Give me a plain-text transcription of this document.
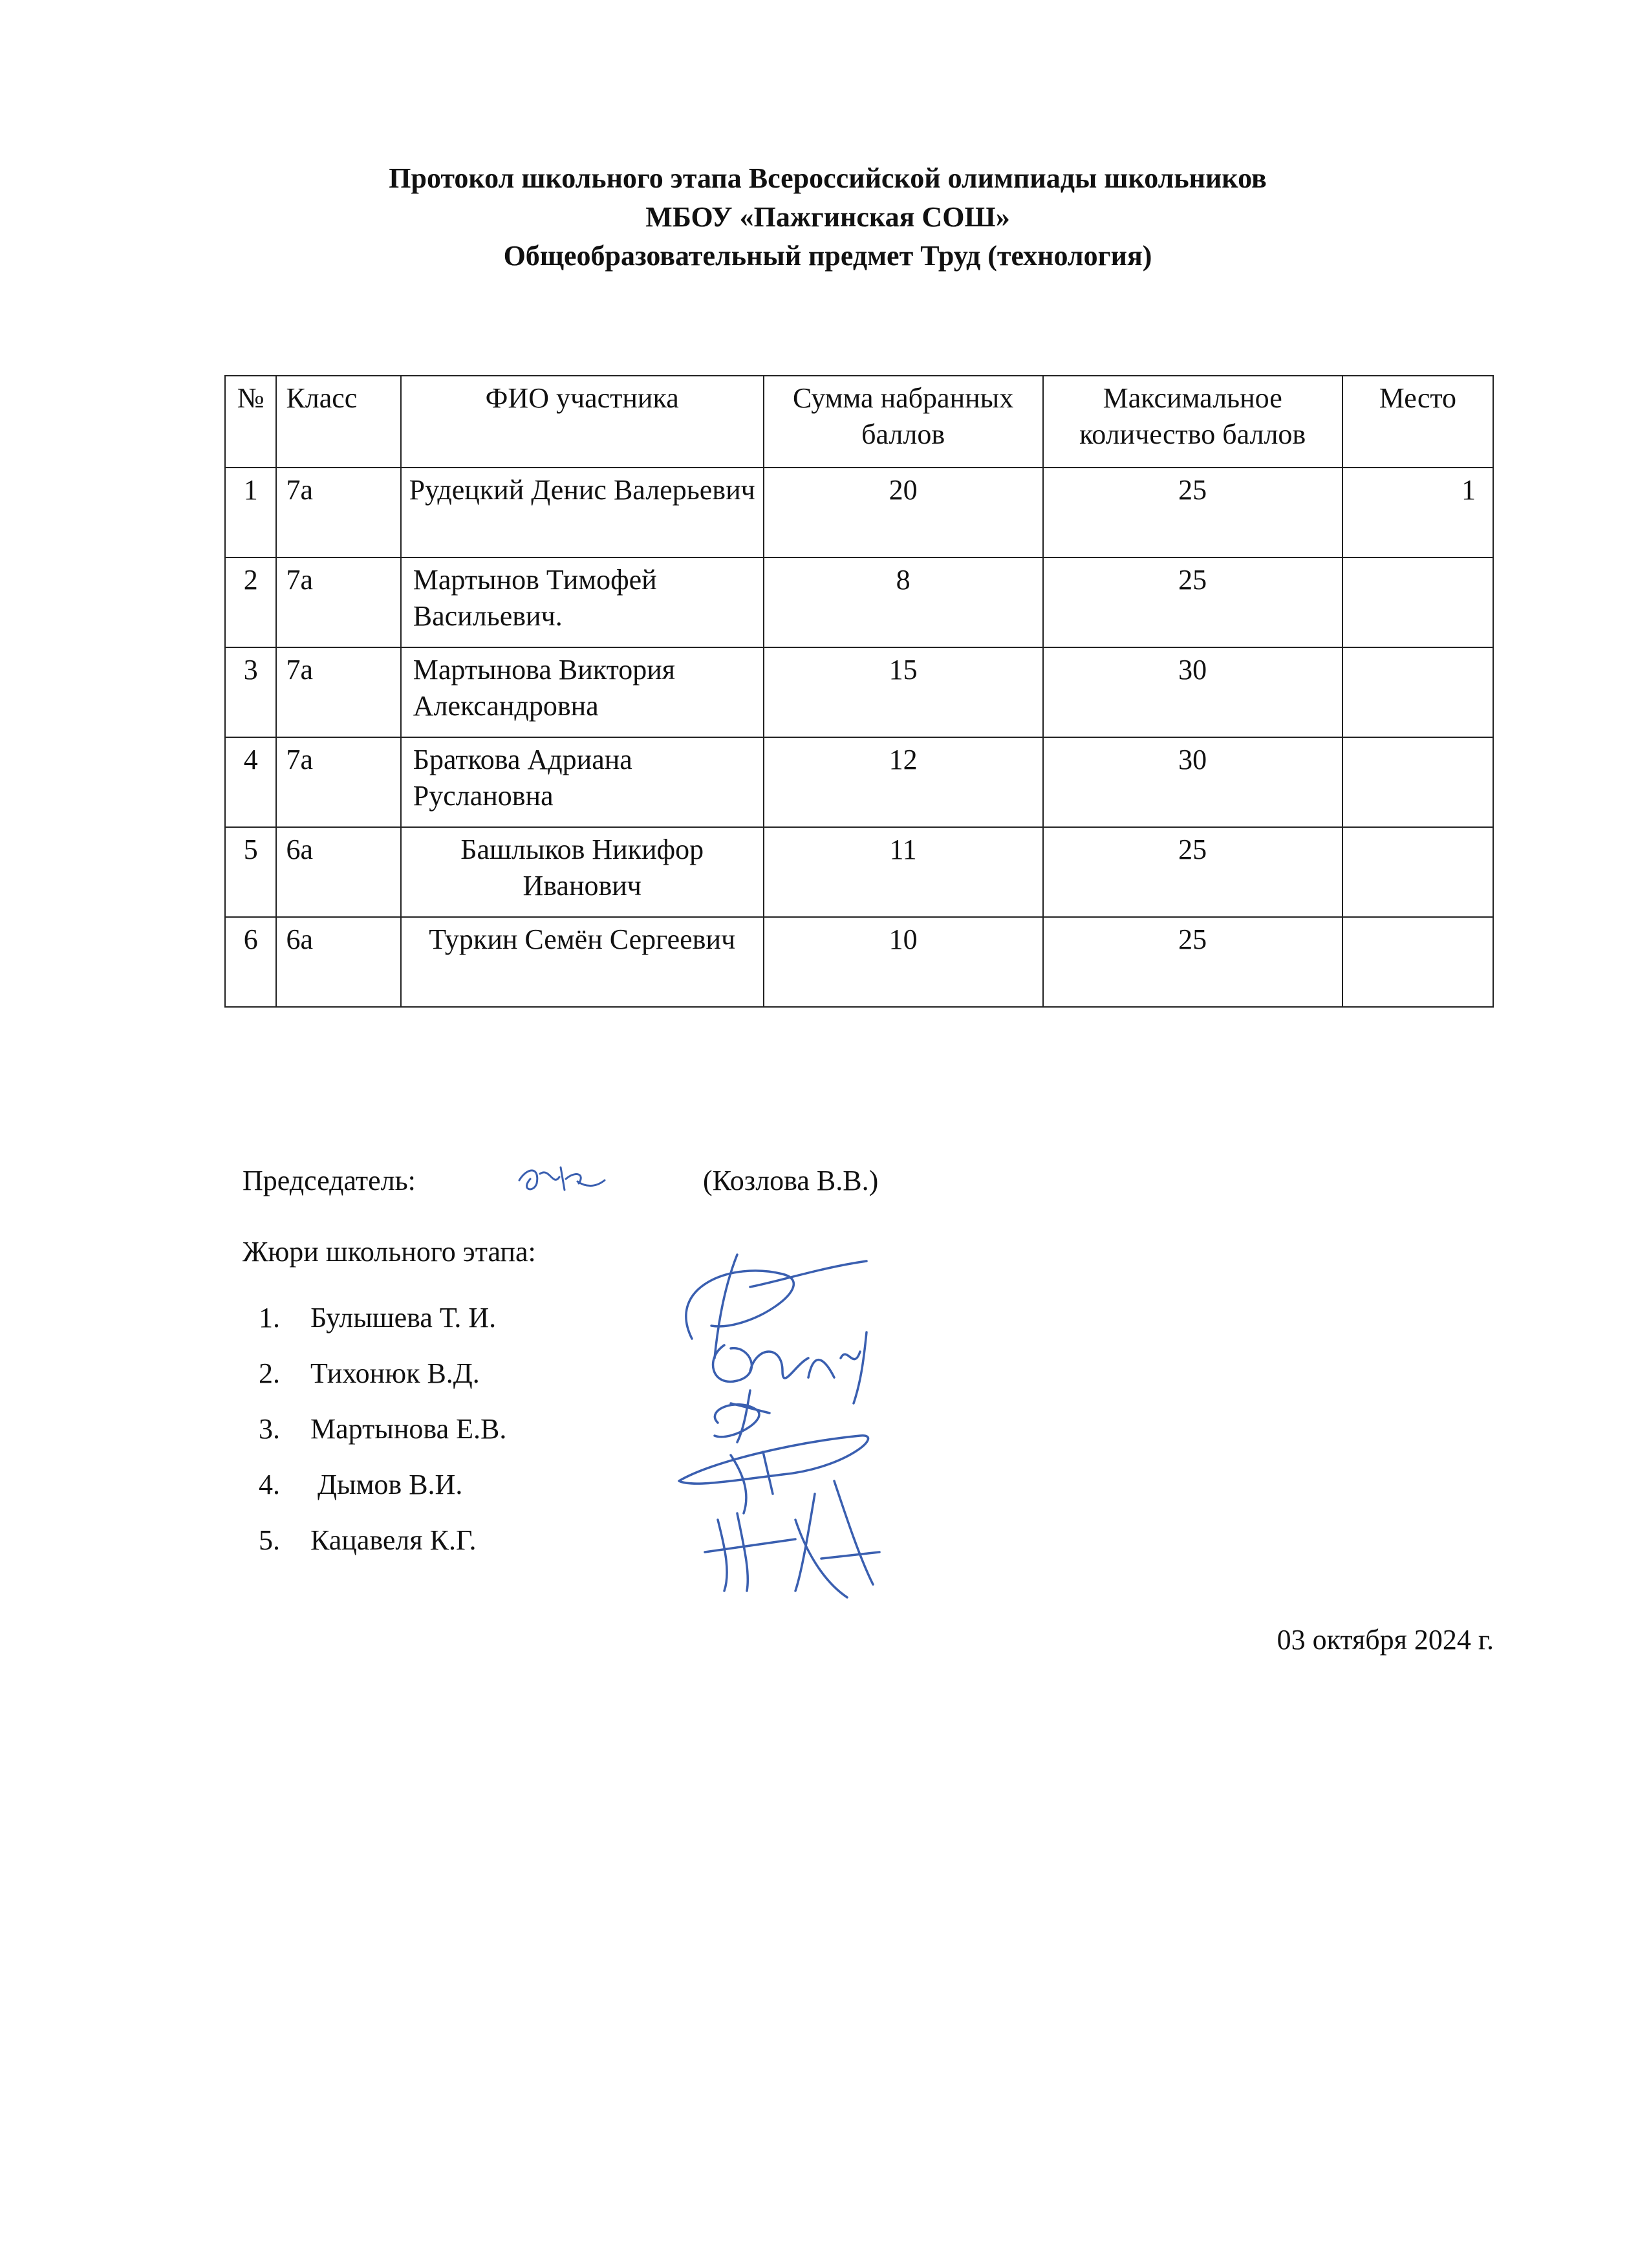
Протокол школьного этапа Всероссийской олимпиады школьников
МБОУ «Пажгинская СОШ»
Общеобразовательный предмет Труд (технология)
№	Класс	ФИО участника	Сумма набранных баллов	Максимальное количество баллов	Место
1	7а	Рудецкий Денис Валерьевич	20	25	1
2	7а	Мартынов Тимофей Васильевич.	8	25	
3	7а	Мартынова Виктория Александровна	15	30	
4	7а	Браткова Адриана Руслановна	12	30	
5	6а	Башлыков Никифор Иванович	11	25	
6	6а	Туркин Семён Сергеевич	10	25	
Председатель:	(Козлова В.В.)
Жюри школьного этапа:
1. Булышева Т. И.
2. Тихонюк В.Д.
3. Мартынова Е.В.
4. Дымов В.И.
5. Кацавеля К.Г.
03 октября 2024 г.
